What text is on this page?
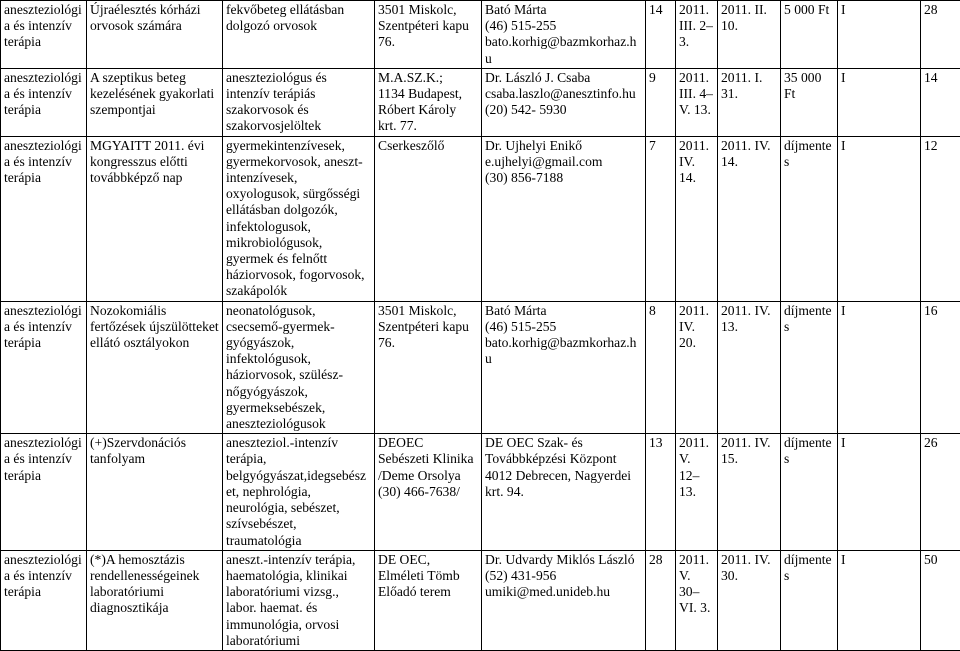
aneszteziológia és intenzív terápia	Újraélesztés kórházi orvosok számára	fekvőbeteg ellátásban dolgozó orvosok	3501 Miskolc, Szentpéteri kapu 76.	Bató Márta
(46) 515-255
bato.korhig@bazmkorhaz.hu	14	2011. III. 2–3.	2011. II. 10.	5 000 Ft	I	28
aneszteziológia és intenzív terápia	A szeptikus beteg kezelésének gyakorlati szempontjai	aneszteziológus és intenzív terápiás szakorvosok és szakorvosjelöltek	M.A.SZ.K.;
1134 Budapest, Róbert Károly krt. 77.	Dr. László J. Csaba
csaba.laszlo@anesztinfo.hu
(20) 542- 5930	9	2011. III. 4–V. 13.	2011. I. 31.	35 000 Ft	I	14
aneszteziológia és intenzív terápia	MGYAITT 2011. évi kongresszus előtti továbbképző nap	gyermekintenzívesek, gyermekorvosok, aneszt-intenzívesek, oxyologusok, sürgősségi ellátásban dolgozók, infektologusok, mikrobiológusok, gyermek és felnőtt háziorvosok, fogorvosok, szakápolók	Cserkeszőlő	Dr. Ujhelyi Enikő
e.ujhelyi@gmail.com
(30) 856-7188	7	2011. IV. 14.	2011. IV. 14.	díjmentes	I	12
aneszteziológia és intenzív terápia	Nozokomiális fertőzések újszülötteket ellátó osztályokon	neonatológusok, csecsemő-gyermek-gyógyászok, infektológusok, háziorvosok, szülész-nőgyógyászok, gyermeksebészek, aneszteziológusok	3501 Miskolc, Szentpéteri kapu 76.	Bató Márta
(46) 515-255
bato.korhig@bazmkorhaz.hu	8	2011. IV. 20.	2011. IV. 13.	díjmentes	I	16
aneszteziológia és intenzív terápia	(+)Szervdonációs tanfolyam	aneszteziol.-intenzív terápia, belgyógyászat,idegsebészet, nephrológia, neurológia, sebészet, szívsebészet, traumatológia	DEOEC Sebészeti Klinika
/Deme Orsolya
(30) 466-7638/	DE OEC Szak- és Továbbképzési Központ
4012 Debrecen, Nagyerdei krt. 94.	13	2011. V. 12–13.	2011. IV. 15.	díjmentes	I	26
aneszteziológia és intenzív terápia	(*)A hemosztázis rendellenességeinek laboratóriumi diagnosztikája	aneszt.-intenzív terápia, haematológia, klinikai laboratóriumi vizsg., labor. haemat. és immunológia, orvosi laboratóriumi	DE OEC, Elméleti Tömb Előadó terem	Dr. Udvardy Miklós László
(52) 431-956
umiki@med.unideb.hu	28	2011. V. 30–VI. 3.	2011. IV. 30.	díjmentes	I	50
